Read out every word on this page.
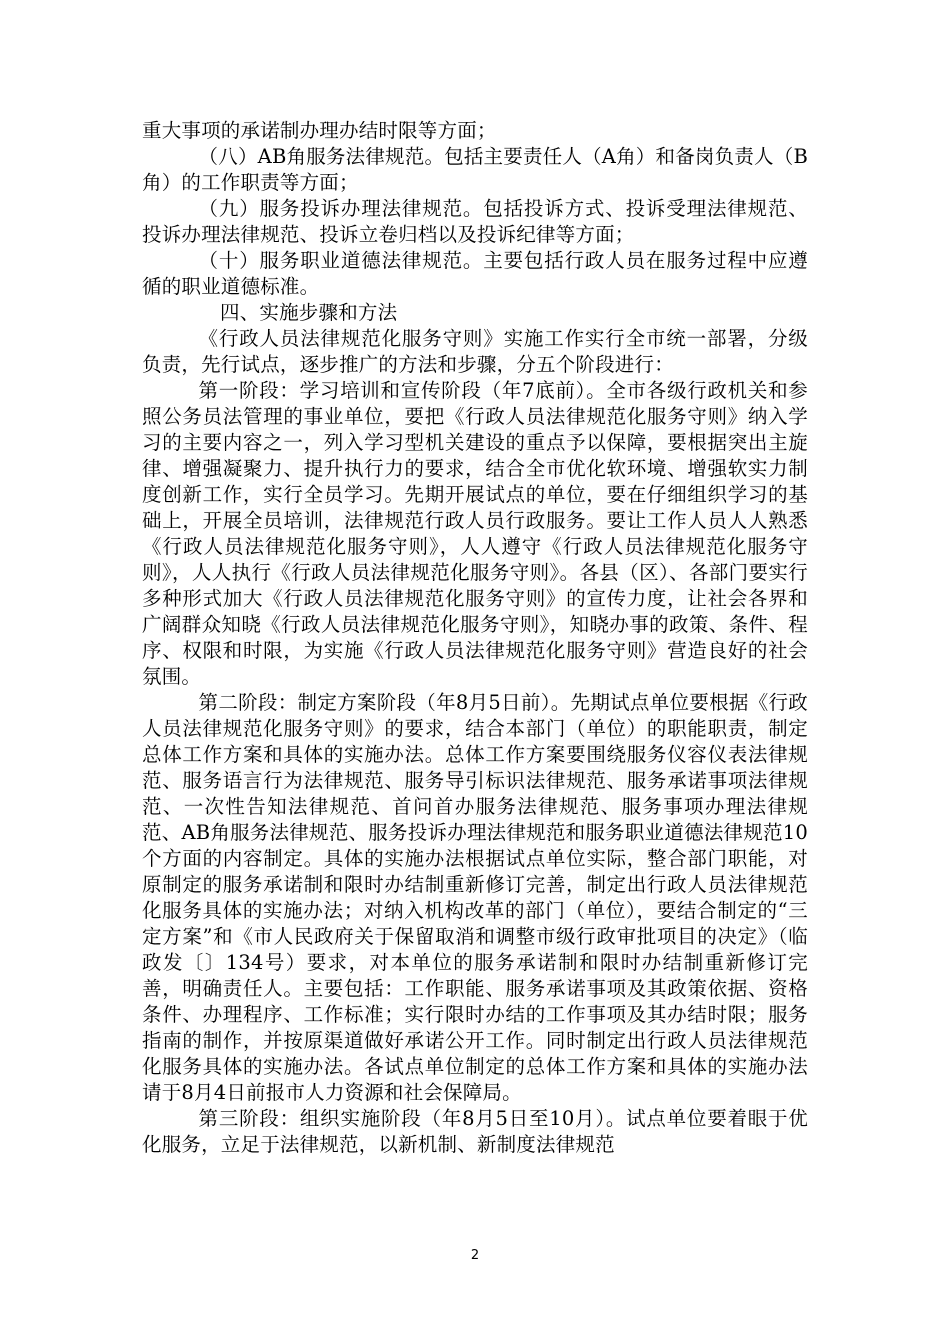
重大事项的承诺制办理办结时限等方面；

（八）AB角服务法律规范。包括主要责任人（A角）和备岗负责人（B角）的工作职责等方面；

（九）服务投诉办理法律规范。包括投诉方式、投诉受理法律规范、投诉办理法律规范、投诉立卷归档以及投诉纪律等方面；

（十）服务职业道德法律规范。主要包括行政人员在服务过程中应遵循的职业道德标准。

四、实施步骤和方法

《行政人员法律规范化服务守则》实施工作实行全市统一部署，分级负责，先行试点，逐步推广的方法和步骤，分五个阶段进行：

第一阶段：学习培训和宣传阶段（年7底前）。全市各级行政机关和参照公务员法管理的事业单位，要把《行政人员法律规范化服务守则》纳入学习的主要内容之一，列入学习型机关建设的重点予以保障，要根据突出主旋律、增强凝聚力、提升执行力的要求，结合全市优化软环境、增强软实力制度创新工作，实行全员学习。先期开展试点的单位，要在仔细组织学习的基础上，开展全员培训，法律规范行政人员行政服务。要让工作人员人人熟悉《行政人员法律规范化服务守则》，人人遵守《行政人员法律规范化服务守则》，人人执行《行政人员法律规范化服务守则》。各县（区）、各部门要实行多种形式加大《行政人员法律规范化服务守则》的宣传力度，让社会各界和广阔群众知晓《行政人员法律规范化服务守则》，知晓办事的政策、条件、程序、权限和时限，为实施《行政人员法律规范化服务守则》营造良好的社会氛围。

第二阶段：制定方案阶段（年8月5日前）。先期试点单位要根据《行政人员法律规范化服务守则》的要求，结合本部门（单位）的职能职责，制定总体工作方案和具体的实施办法。总体工作方案要围绕服务仪容仪表法律规范、服务语言行为法律规范、服务导引标识法律规范、服务承诺事项法律规范、一次性告知法律规范、首问首办服务法律规范、服务事项办理法律规范、AB角服务法律规范、服务投诉办理法律规范和服务职业道德法律规范10个方面的内容制定。具体的实施办法根据试点单位实际，整合部门职能，对原制定的服务承诺制和限时办结制重新修订完善，制定出行政人员法律规范化服务具体的实施办法；对纳入机构改革的部门（单位），要结合制定的“三定方案”和《市人民政府关于保留取消和调整市级行政审批项目的决定》（临政发〔〕134号）要求，对本单位的服务承诺制和限时办结制重新修订完善，明确责任人。主要包括：工作职能、服务承诺事项及其政策依据、资格条件、办理程序、工作标准；实行限时办结的工作事项及其办结时限；服务指南的制作，并按原渠道做好承诺公开工作。同时制定出行政人员法律规范化服务具体的实施办法。各试点单位制定的总体工作方案和具体的实施办法请于8月4日前报市人力资源和社会保障局。

第三阶段：组织实施阶段（年8月5日至10月）。试点单位要着眼于优化服务，立足于法律规范，以新机制、新制度法律规范

2
